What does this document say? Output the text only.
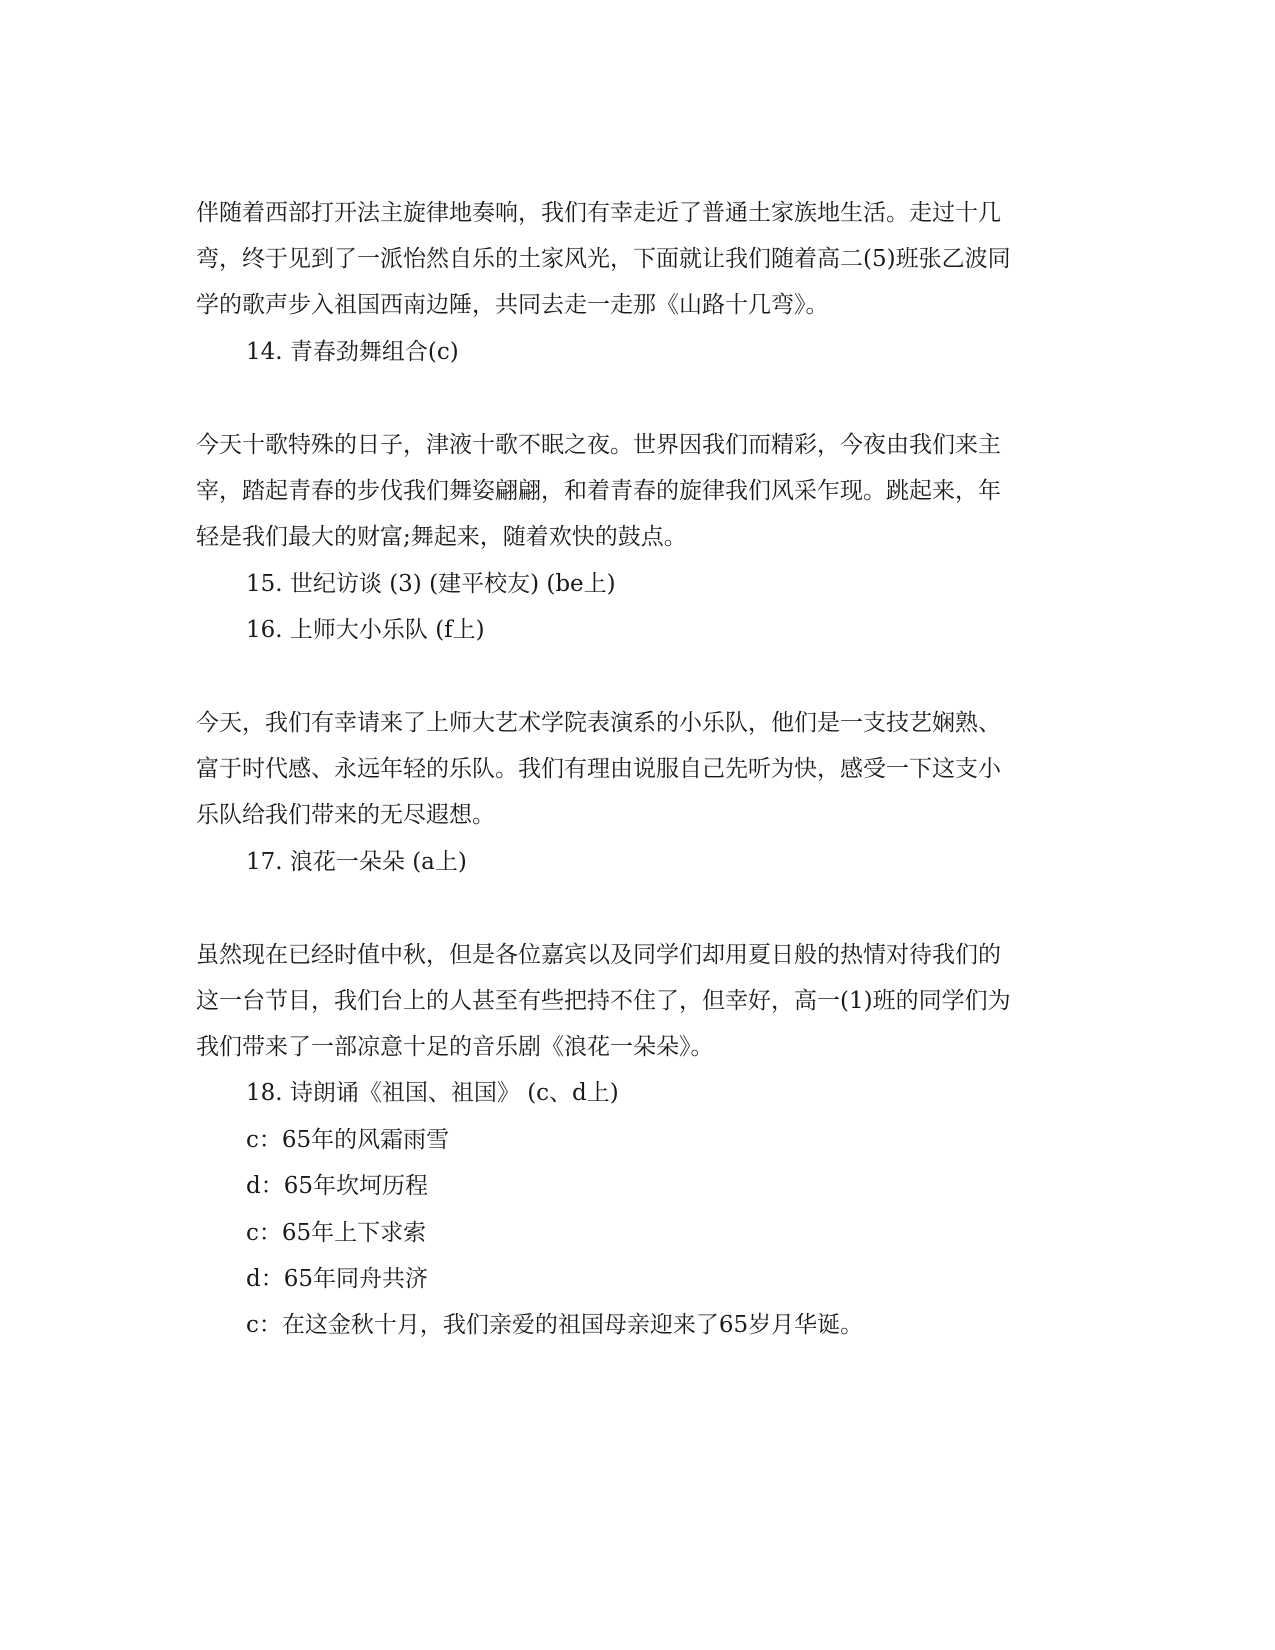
伴随着西部打开法主旋律地奏响，我们有幸走近了普通土家族地生活。走过十几
弯，终于见到了一派怡然自乐的土家风光，下面就让我们随着高二(5)班张乙波同
学的歌声步入祖国西南边陲，共同去走一走那《山路十几弯》。
14. 青春劲舞组合(c)
今天十歌特殊的日子，津液十歌不眠之夜。世界因我们而精彩，今夜由我们来主
宰，踏起青春的步伐我们舞姿翩翩，和着青春的旋律我们风采乍现。跳起来，年
轻是我们最大的财富;舞起来，随着欢快的鼓点。
15. 世纪访谈 (3) (建平校友) (be上)
16. 上师大小乐队 (f上)
今天，我们有幸请来了上师大艺术学院表演系的小乐队，他们是一支技艺娴熟、
富于时代感、永远年轻的乐队。我们有理由说服自己先听为快，感受一下这支小
乐队给我们带来的无尽遐想。
17. 浪花一朵朵 (a上)
虽然现在已经时值中秋，但是各位嘉宾以及同学们却用夏日般的热情对待我们的
这一台节目，我们台上的人甚至有些把持不住了，但幸好，高一(1)班的同学们为
我们带来了一部凉意十足的音乐剧《浪花一朵朵》。
18. 诗朗诵《祖国、祖国》 (c、d上)
c：65年的风霜雨雪
d：65年坎坷历程
c：65年上下求索
d：65年同舟共济
c：在这金秋十月，我们亲爱的祖国母亲迎来了65岁月华诞。
